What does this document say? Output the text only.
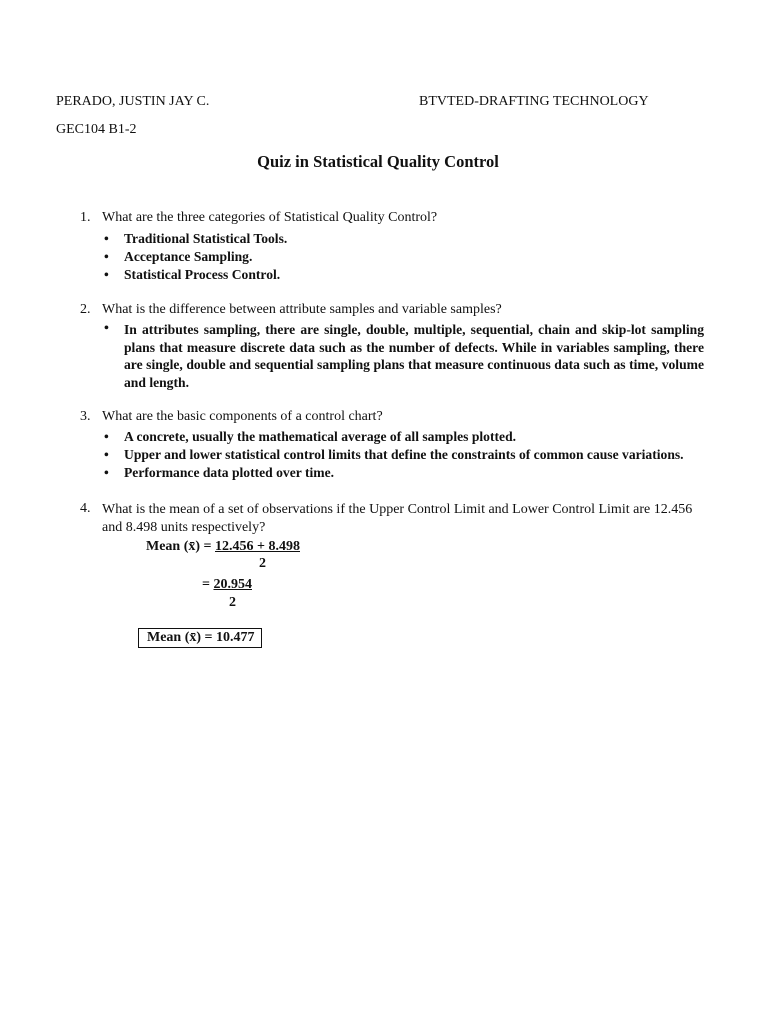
PERADO, JUSTIN JAY C.	BTVTED-DRAFTING TECHNOLOGY
GEC104 B1-2
Quiz in Statistical Quality Control
1. What are the three categories of Statistical Quality Control?
• Traditional Statistical Tools.
• Acceptance Sampling.
• Statistical Process Control.
2. What is the difference between attribute samples and variable samples?
• In attributes sampling, there are single, double, multiple, sequential, chain and skip-lot sampling plans that measure discrete data such as the number of defects. While in variables sampling, there are single, double and sequential sampling plans that measure continuous data such as time, volume and length.
3. What are the basic components of a control chart?
• A concrete, usually the mathematical average of all samples plotted.
• Upper and lower statistical control limits that define the constraints of common cause variations.
• Performance data plotted over time.
4. What is the mean of a set of observations if the Upper Control Limit and Lower Control Limit are 12.456 and 8.498 units respectively?
Mean (x̄) = 12.456 + 8.498
2
= 20.954
2
Mean (x̄) = 10.477
